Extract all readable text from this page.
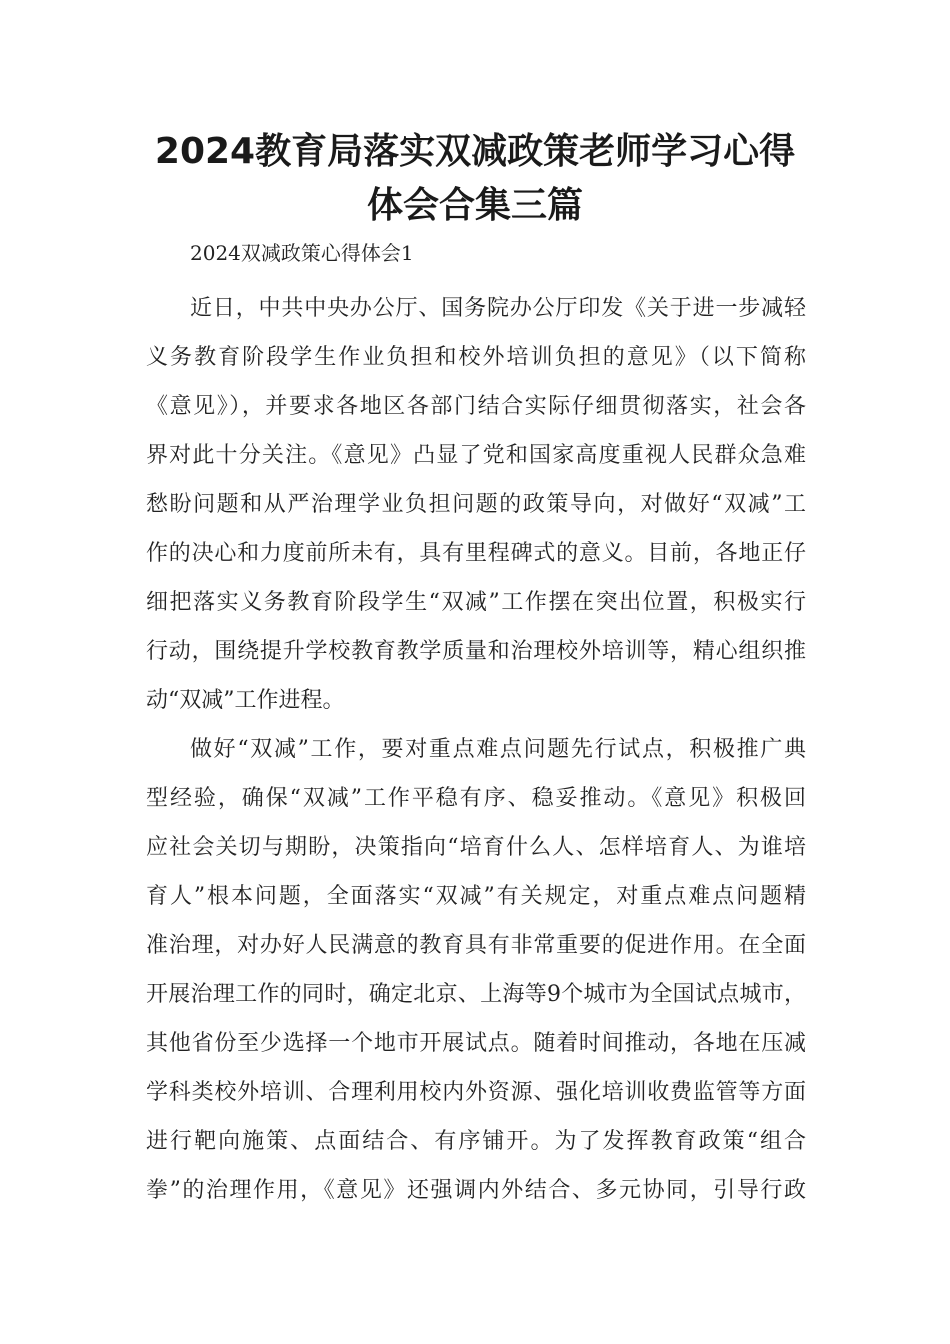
2024教育局落实双减政策老师学习心得
体会合集三篇
2024双减政策心得体会1
近日，中共中央办公厅、国务院办公厅印发《关于进一步减轻
义务教育阶段学生作业负担和校外培训负担的意见》（以下简称
《意见》），并要求各地区各部门结合实际仔细贯彻落实，社会各
界对此十分关注。《意见》凸显了党和国家高度重视人民群众急难
愁盼问题和从严治理学业负担问题的政策导向，对做好“双减”工
作的决心和力度前所未有，具有里程碑式的意义。目前，各地正仔
细把落实义务教育阶段学生“双减”工作摆在突出位置，积极实行
行动，围绕提升学校教育教学质量和治理校外培训等，精心组织推
动“双减”工作进程。
做好“双减”工作，要对重点难点问题先行试点，积极推广典
型经验，确保“双减”工作平稳有序、稳妥推动。《意见》积极回
应社会关切与期盼，决策指向“培育什么人、怎样培育人、为谁培
育人”根本问题，全面落实“双减”有关规定，对重点难点问题精
准治理，对办好人民满意的教育具有非常重要的促进作用。在全面
开展治理工作的同时，确定北京、上海等9个城市为全国试点城市，
其他省份至少选择一个地市开展试点。随着时间推动，各地在压减
学科类校外培训、合理利用校内外资源、强化培训收费监管等方面
进行靶向施策、点面结合、有序铺开。为了发挥教育政策“组合
拳”的治理作用，《意见》还强调内外结合、多元协同，引导行政
